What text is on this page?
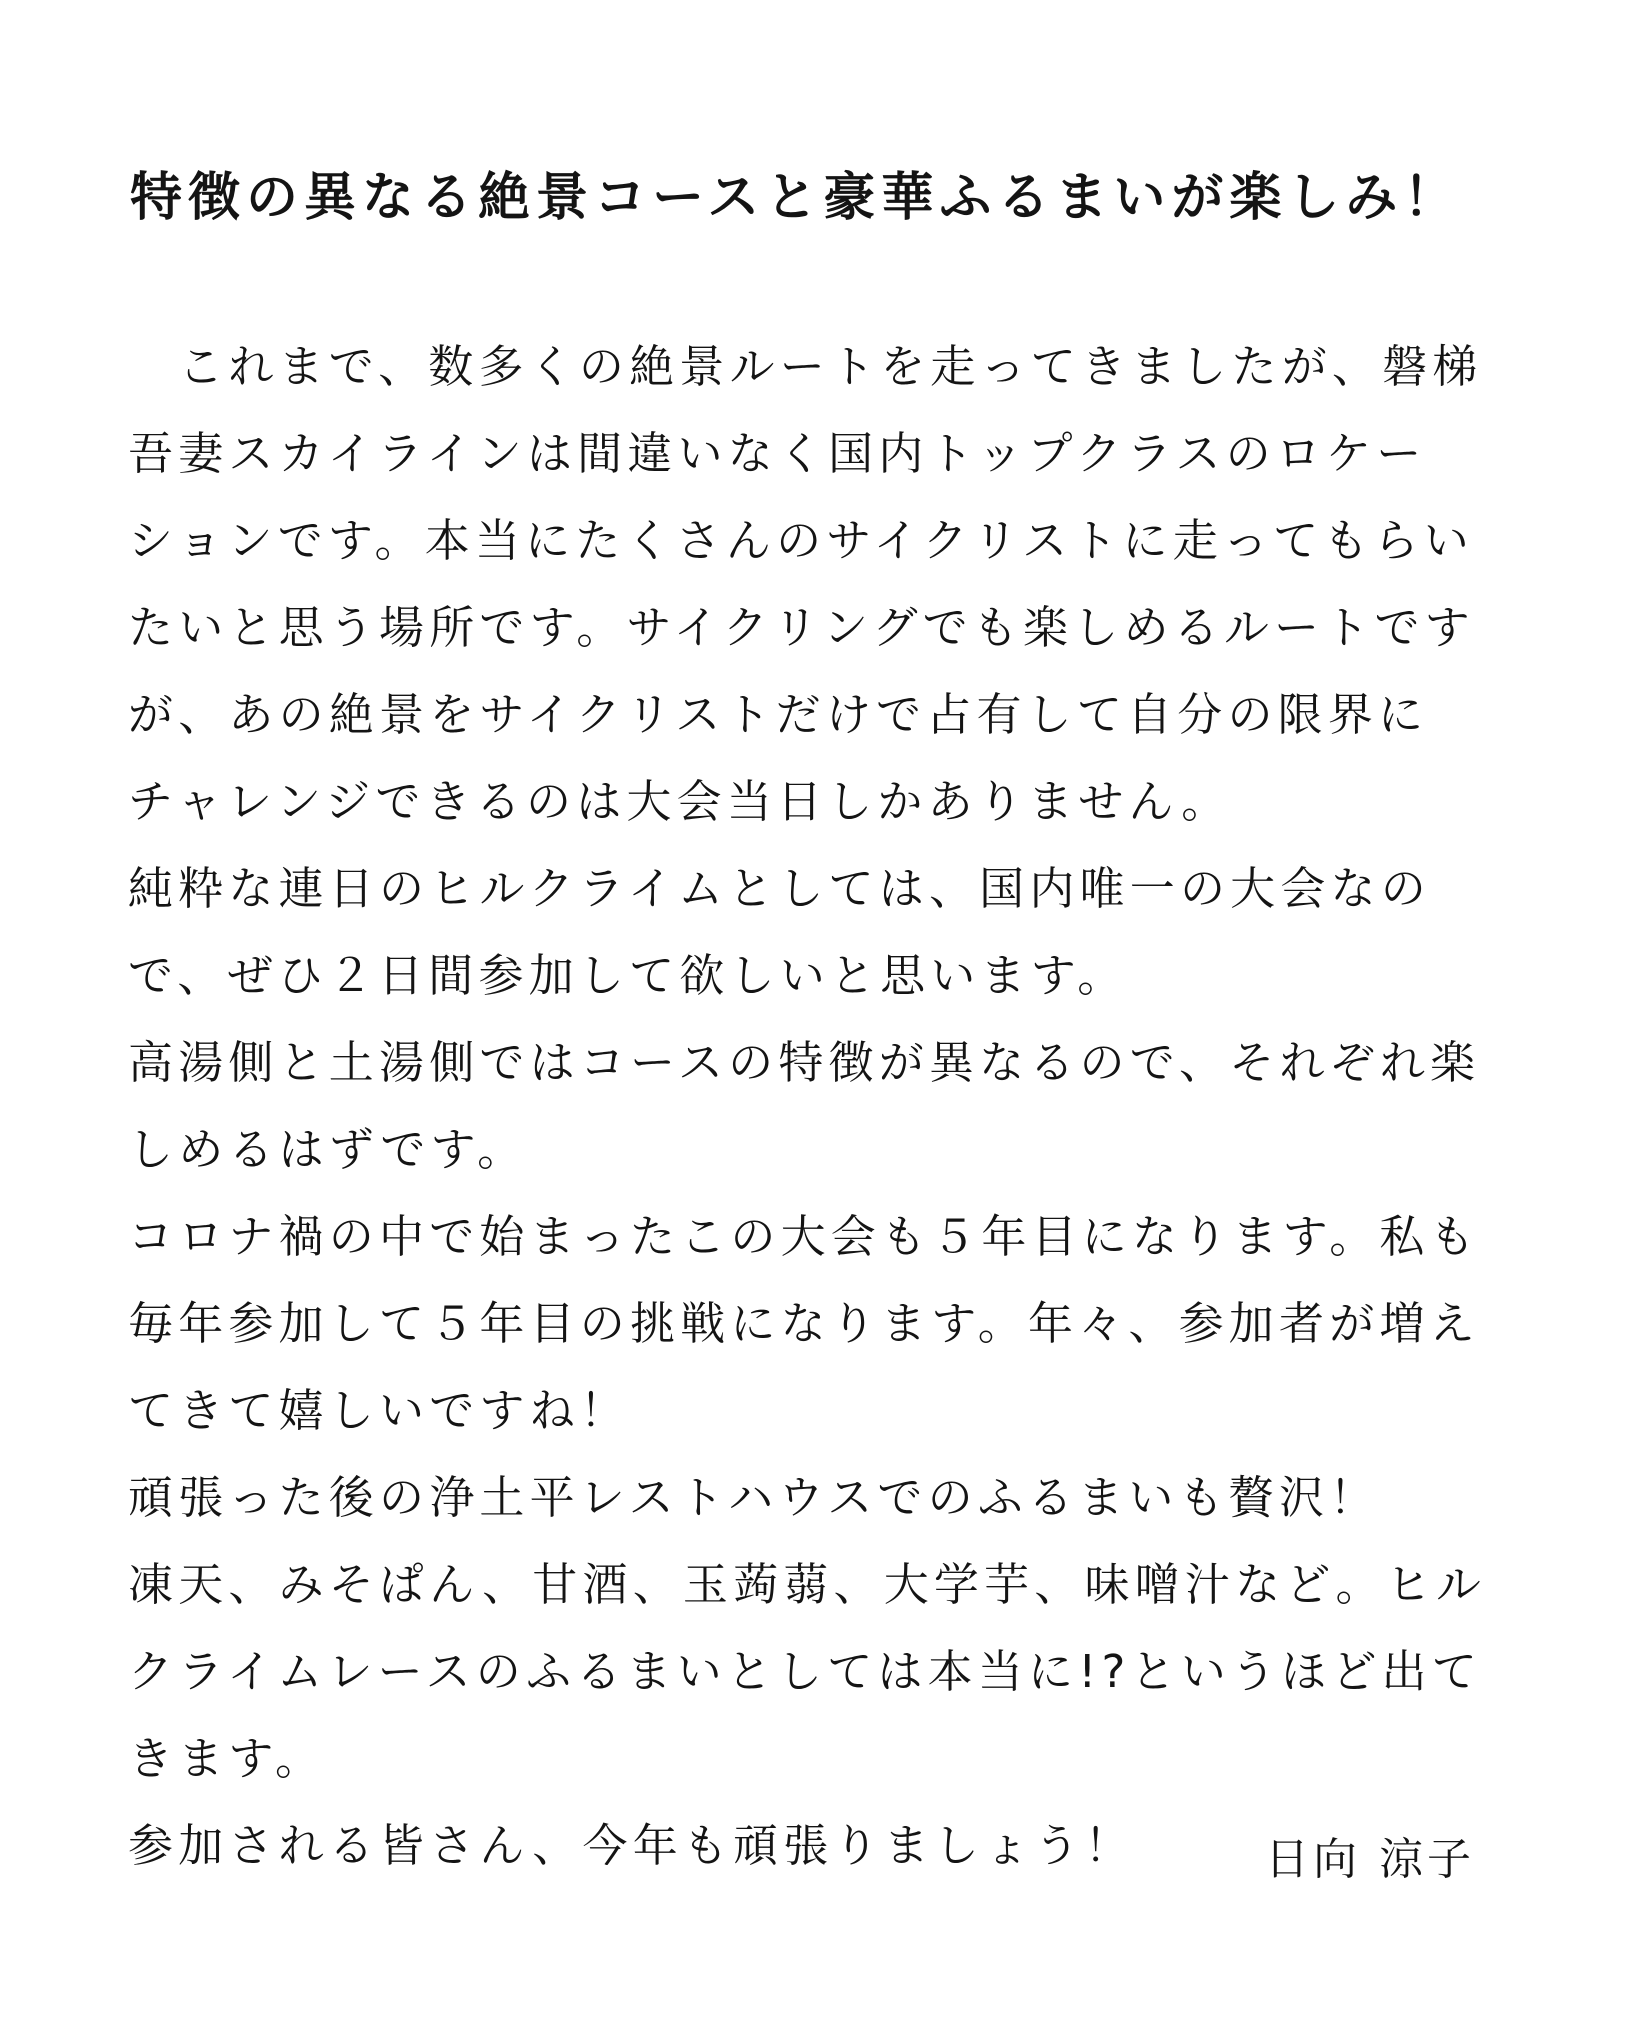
特徴の異なる絶景コースと豪華ふるまいが楽しみ！
　これまで、数多くの絶景ルートを走ってきましたが、磐梯
吾妻スカイラインは間違いなく国内トップクラスのロケー
ションです。本当にたくさんのサイクリストに走ってもらい
たいと思う場所です。サイクリングでも楽しめるルートです
が、あの絶景をサイクリストだけで占有して自分の限界に
チャレンジできるのは大会当日しかありません。
純粋な連日のヒルクライムとしては、国内唯一の大会なの
で、ぜひ２日間参加して欲しいと思います。
高湯側と土湯側ではコースの特徴が異なるので、それぞれ楽
しめるはずです。
コロナ禍の中で始まったこの大会も５年目になります。私も
毎年参加して５年目の挑戦になります。年々、参加者が増え
てきて嬉しいですね！
頑張った後の浄土平レストハウスでのふるまいも贅沢！
凍天、みそぱん、甘酒、玉蒟蒻、大学芋、味噌汁など。ヒル
クライムレースのふるまいとしては本当に!?というほど出て
きます。
参加される皆さん、今年も頑張りましょう！	日向 涼子
